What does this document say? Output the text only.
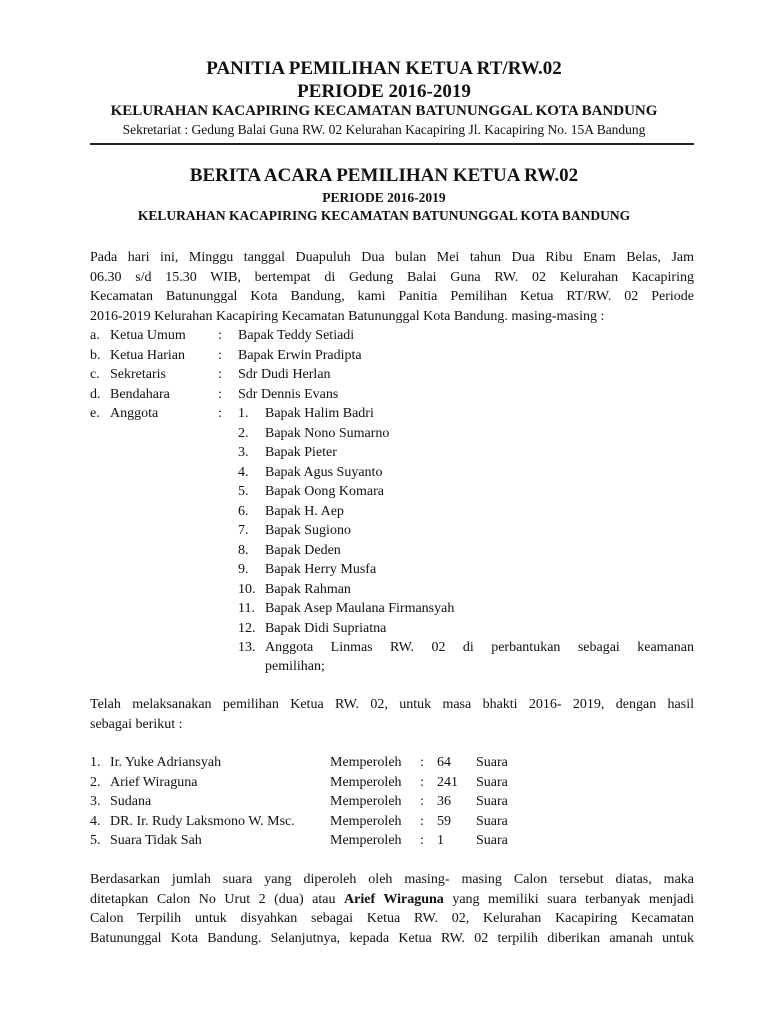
PANITIA PEMILIHAN KETUA RT/RW.02
PERIODE 2016-2019
KELURAHAN KACAPIRING KECAMATAN BATUNUNGGAL KOTA BANDUNG
Sekretariat : Gedung Balai Guna RW. 02 Kelurahan Kacapiring Jl. Kacapiring No. 15A Bandung
BERITA ACARA PEMILIHAN KETUA RW.02
PERIODE 2016-2019
KELURAHAN KACAPIRING KECAMATAN BATUNUNGGAL KOTA BANDUNG
Pada hari ini, Minggu tanggal Duapuluh Dua bulan Mei tahun Dua Ribu Enam Belas, Jam
06.30 s/d 15.30 WIB, bertempat di Gedung Balai Guna RW. 02 Kelurahan Kacapiring
Kecamatan Batununggal Kota Bandung, kami Panitia Pemilihan Ketua RT/RW. 02 Periode
2016-2019 Kelurahan Kacapiring Kecamatan Batununggal Kota Bandung. masing-masing :
a. Ketua Umum : Bapak Teddy Setiadi
b. Ketua Harian : Bapak Erwin Pradipta
c. Sekretaris	: Sdr Dudi Herlan
d. Bendahara	: Sdr Dennis Evans
e. Anggota	: 1. Bapak Halim Badri
2. Bapak Nono Sumarno
3. Bapak Pieter
4. Bapak Agus Suyanto
5. Bapak Oong Komara
6. Bapak H. Aep
7. Bapak Sugiono
8. Bapak Deden
9. Bapak Herry Musfa
10. Bapak Rahman
11. Bapak Asep Maulana Firmansyah
12. Bapak Didi Supriatna
13. Anggota Linmas RW. 02 di perbantukan sebagai keamanan
pemilihan;
Telah melaksanakan pemilihan Ketua RW. 02, untuk masa bhakti 2016- 2019, dengan hasil
sebagai berikut :
1. Ir. Yuke Adriansyah	Memperoleh : 64 Suara
2. Arief Wiraguna	Memperoleh : 241 Suara
3. Sudana	Memperoleh : 36 Suara
4. DR. Ir. Rudy Laksmono W. Msc.	Memperoleh : 59 Suara
5. Suara Tidak Sah	Memperoleh : 1 Suara
Berdasarkan jumlah suara yang diperoleh oleh masing- masing Calon tersebut diatas, maka
ditetapkan Calon No Urut 2 (dua) atau Arief Wiraguna yang memiliki suara terbanyak menjadi
Calon Terpilih untuk disyahkan sebagai Ketua RW. 02, Kelurahan Kacapiring Kecamatan
Batununggal Kota Bandung. Selanjutnya, kepada Ketua RW. 02 terpilih diberikan amanah untuk
